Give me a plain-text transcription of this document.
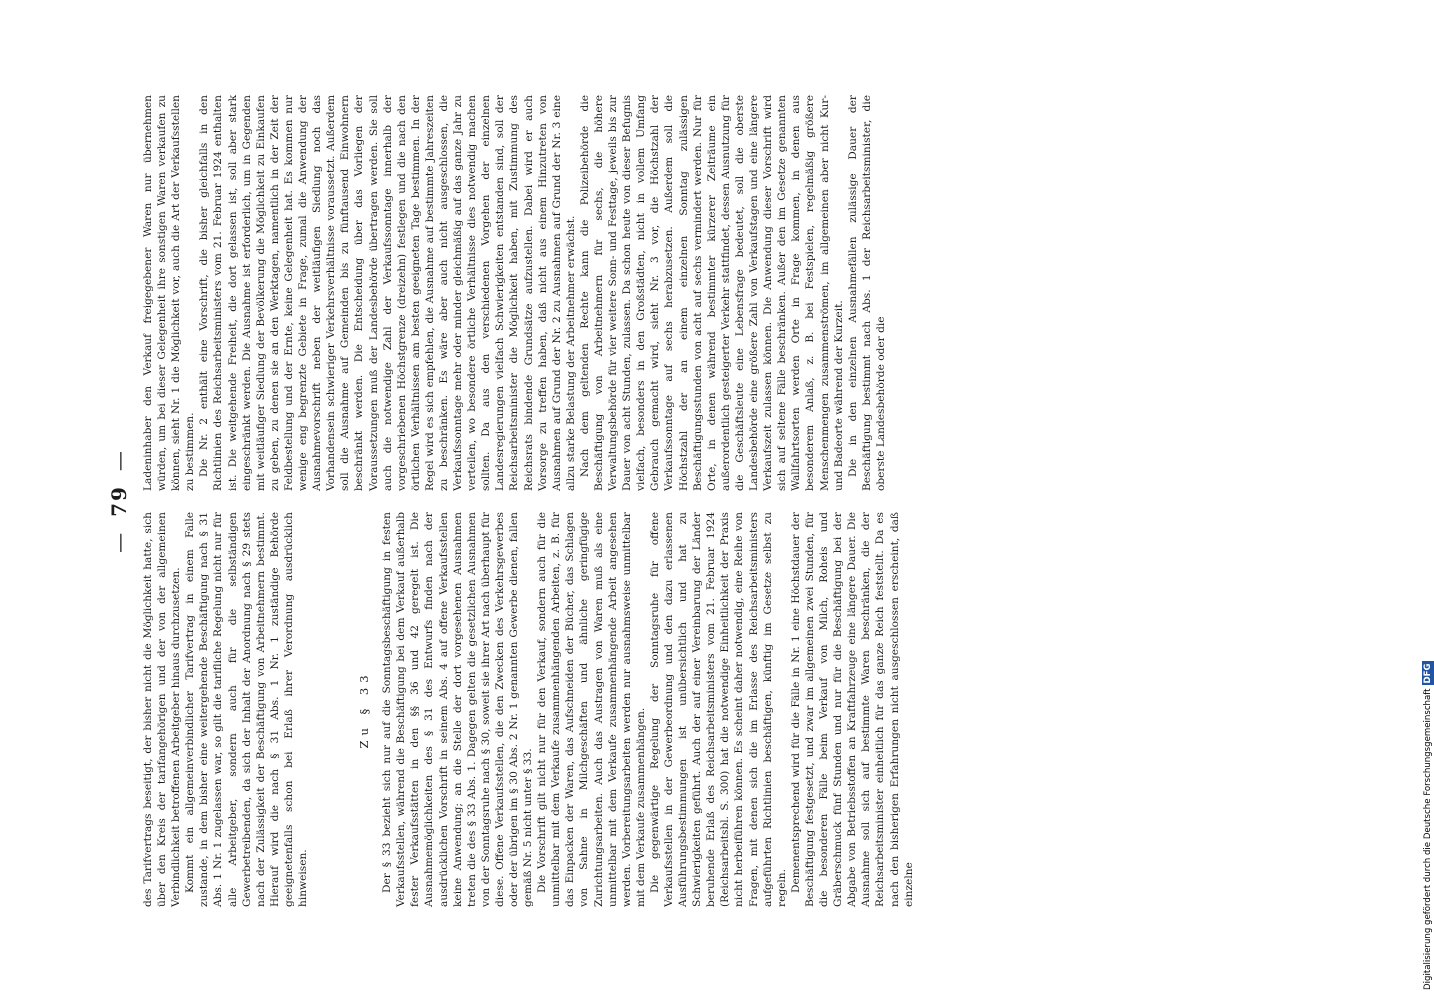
—79—

des Tarifvertrags beseitigt, der bisher nicht die Möglichkeit hatte, sich über den Kreis der tarifangehörigen und der von der allgemeinen Verbindlichkeit betroffenen Arbeitgeber hinaus durchzusetzen. Kommt ein allgemeinverbindlicher Tarifvertrag in einem Falle zustande, in dem bisher eine weitergehende Beschäftigung nach § 31 Abs. 1 Nr. 1 zugelassen war, so gilt die tarifliche Regelung nicht nur für alle Arbeitgeber, sondern auch für die selbständigen Gewerbetreibenden, da sich der Inhalt der Anordnung nach § 29 stets nach der Zulässigkeit der Beschäftigung von Arbeitnehmern bestimmt. Hierauf wird die nach § 31 Abs. 1 Nr. 1 zuständige Behörde geeignetenfalls schon bei Erlaß ihrer Verordnung ausdrücklich hinweisen.

Zu § 33 Der § 33 bezieht sich nur auf die Sonntagsbeschäftigung in festen Verkaufsstellen, während die Beschäftigung bei dem Verkauf außerhalb fester Verkaufsstätten in den §§ 36 und 42 geregelt ist. Die Ausnahmemöglichkeiten des § 31 des Entwurfs finden nach der ausdrücklichen Vorschrift in seinem Abs. 4 auf offene Verkaufsstellen keine Anwendung; an die Stelle der dort vorgesehenen Ausnahmen treten die des § 33 Abs. 1. Dagegen gelten die gesetzlichen Ausnahmen von der Sonntagsruhe nach § 30, soweit sie ihrer Art nach überhaupt für diese. Offene Verkaufsstellen, die den Zwecken des Verkehrsgewerbes oder der übrigen im § 30 Abs. 2 Nr. 1 genannten Gewerbe dienen, fallen gemäß Nr. 5 nicht unter § 33. Die Vorschrift gilt nicht nur für den Verkauf, sondern auch für die unmittelbar mit dem Verkaufe zusammenhängenden Arbeiten, z. B. für das Einpacken der Waren, das Aufschneiden der Bücher, das Schlagen von Sahne in Milchgeschäften und ähnliche geringfügige Zurichtungsarbeiten. Auch das Austragen von Waren muß als eine unmittelbar mit dem Verkaufe zusammenhängende Arbeit angesehen werden. Vorbereitungsarbeiten werden nur ausnahmsweise unmittelbar mit dem Verkaufe zusammenhängen. Die gegenwärtige Regelung der Sonntagsruhe für offene Verkaufsstellen in der Gewerbeordnung und den dazu erlassenen Ausführungsbestimmungen ist unübersichtlich und hat zu Schwierigkeiten geführt. Auch der auf einer Vereinbarung der Länder beruhende Erlaß des Reichsarbeitsministers vom 21. Februar 1924 (Reichsarbeitsbl. S. 300) hat die notwendige Einheitlichkeit der Praxis nicht herbeiführen können. Es scheint daher notwendig, eine Reihe von Fragen, mit denen sich die im Erlasse des Reichsarbeitsministers aufgeführten Richtlinien beschäftigen, künftig im Gesetze selbst zu regeln. Demenentsprechend wird für die Fälle in Nr. 1 eine Höchstdauer der Beschäftigung festgesetzt, und zwar im allgemeinen zwei Stunden, für die besonderen Fälle beim Verkauf von Milch, Roheis und Gräberschmuck fünf Stunden und nur für die Beschäftigung bei der Abgabe von Betriebsstoffen an Kraftfahrzeuge eine längere Dauer. Die Ausnahme soll sich auf bestimmte Waren beschränken, die der Reichsarbeitsminister einheitlich für das ganze Reich feststellt. Da es nach den bisherigen Erfahrungen nicht ausgeschlossen erscheint, daß einzelne

Ladeninhaber den Verkauf freigegebener Waren nur übernehmen würden, um bei dieser Gelegenheit ihre sonstigen Waren verkaufen zu können, sieht Nr. 1 die Möglichkeit vor, auch die Art der Verkaufsstellen zu bestimmen. Die Nr. 2 enthält eine Vorschrift, die bisher gleichfalls in den Richtlinien des Reichsarbeitsministers vom 21. Februar 1924 enthalten ist. Die weitgehende Freiheit, die dort gelassen ist, soll aber stark eingeschränkt werden. Die Ausnahme ist erforderlich, um in Gegenden mit weitläufiger Siedlung der Bevölkerung die Möglichkeit zu Einkaufen zu geben, zu denen sie an den Werktagen, namentlich in der Zeit der Feldbestellung und der Ernte, keine Gelegenheit hat. Es kommen nur wenige eng begrenzte Gebiete in Frage, zumal die Anwendung der Ausnahmevorschrift neben der weitläufigen Siedlung noch das Vorhandensein schwieriger Verkehrsverhältnisse voraussetzt. Außerdem soll die Ausnahme auf Gemeinden bis zu fünftausend Einwohnern beschränkt werden. Die Entscheidung über das Vorliegen der Voraussetzungen muß der Landesbehörde übertragen werden. Sie soll auch die notwendige Zahl der Verkaufssonntage innerhalb der vorgeschriebenen Höchstgrenze (dreizehn) festlegen und die nach den örtlichen Verhältnissen am besten geeigneten Tage bestimmen. In der Regel wird es sich empfehlen, die Ausnahme auf bestimmte Jahreszeiten zu beschränken. Es wäre aber auch nicht ausgeschlossen, die Verkaufssonntage mehr oder minder gleichmäßig auf das ganze Jahr zu verteilen, wo besondere örtliche Verhältnisse dies notwendig machen sollten. Da aus den verschiedenen Vorgehen der einzelnen Landesregierungen vielfach Schwierigkeiten entstanden sind, soll der Reichsarbeitsminister die Möglichkeit haben, mit Zustimmung des Reichsrats bindende Grundsätze aufzustellen. Dabei wird er auch Vorsorge zu treffen haben, daß nicht aus einem Hinzutreten von Ausnahmen auf Grund der Nr. 2 zu Ausnahmen auf Grund der Nr. 3 eine allzu starke Belastung der Arbeitnehmer erwächst. Nach dem geltenden Rechte kann die Polizeibehörde die Beschäftigung von Arbeitnehmern für sechs, die höhere Verwaltungsbehörde für vier weitere Sonn- und Festtage, jeweils bis zur Dauer von acht Stunden, zulassen. Da schon heute von dieser Befugnis vielfach, besonders in den Großstädten, nicht in vollem Umfang Gebrauch gemacht wird, sieht Nr. 3 vor, die Höchstzahl der Verkaufssonntage auf sechs herabzusetzen. Außerdem soll die Höchstzahl der an einem einzelnen Sonntag zulässigen Beschäftigungsstunden von acht auf sechs vermindert werden. Nur für Orte, in denen während bestimmter kürzerer Zeiträume ein außerordentlich gesteigerter Verkehr stattfindet, dessen Ausnutzung für die Geschäftsleute eine Lebensfrage bedeutet, soll die oberste Landesbehörde eine größere Zahl von Verkaufstagen und eine längere Verkaufszeit zulassen können. Die Anwendung dieser Vorschrift wird sich auf seltene Fälle beschränken. Außer den im Gesetze genannten Wallfahrtsorten werden Orte in Frage kommen, in denen aus besonderem Anlaß, z. B. bei Festspielen, regelmäßig größere Menschenmengen zusammenströmen, im allgemeinen aber nicht Kur- und Badeorte während der Kurzeit. Die in den einzelnen Ausnahmefällen zulässige Dauer der Beschäftigung bestimmt nach Abs. 1 der Reichsarbeitsminister, die oberste Landesbehörde oder die

Digitalisierung gefördert durch die Deutsche ForschungsgemeinschaftDFG
